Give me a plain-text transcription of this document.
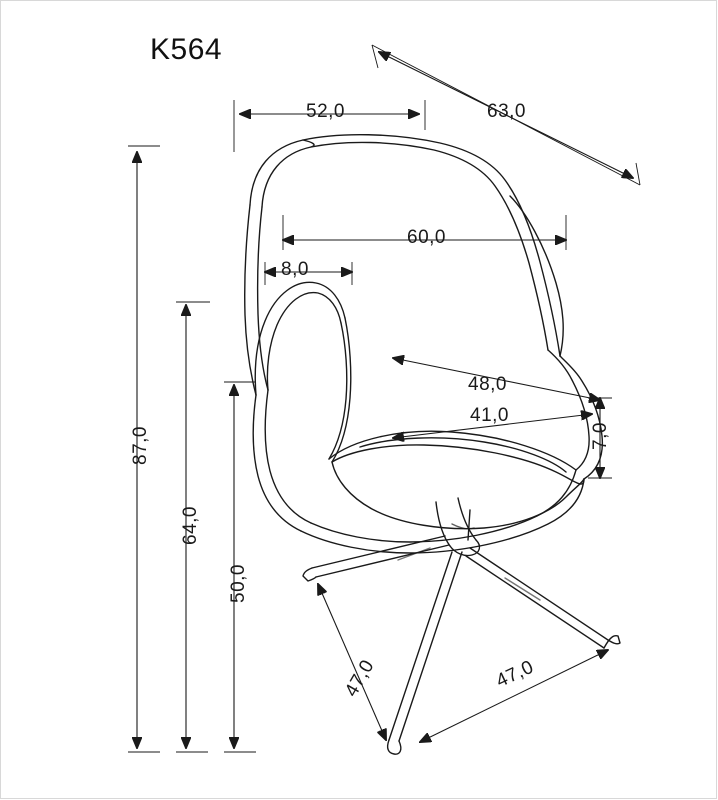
K564
52,0	63,0
60,0
8,0
48,0
41,0
7,0
87,0
64,0
50,0
47,0	47,0
